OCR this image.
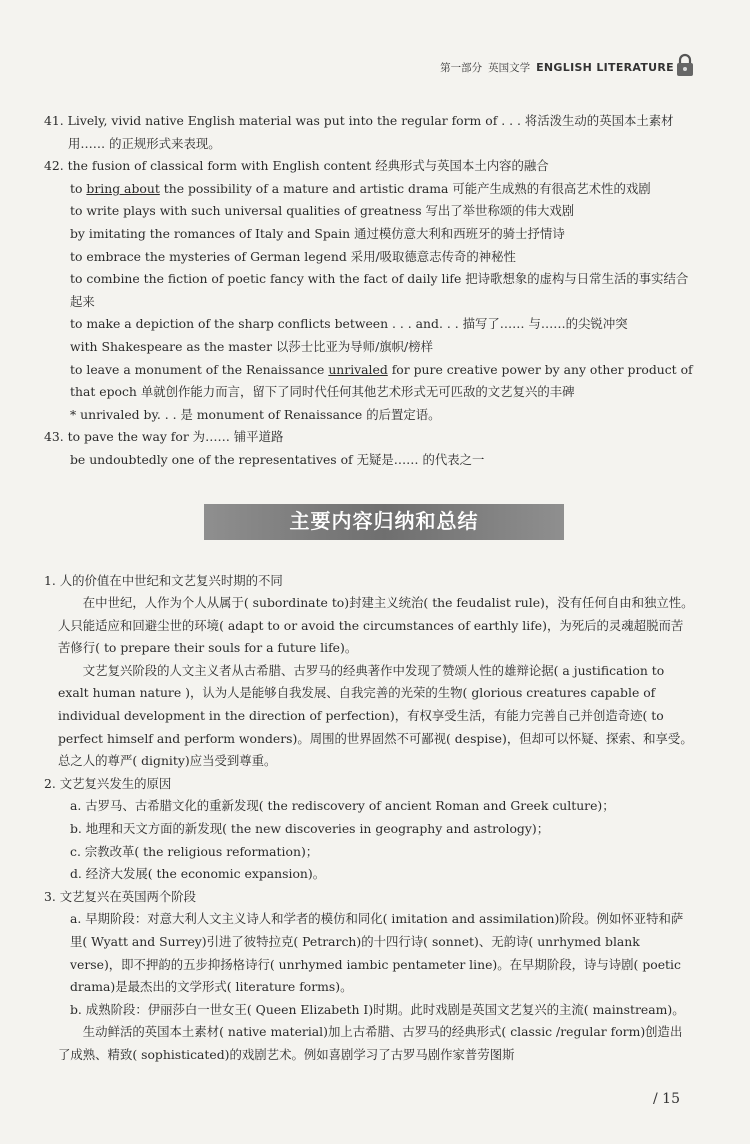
第一部分 英国文学 ENGLISH LITERATURE

41. Lively, vivid native English material was put into the regular form of . . . 将活泼生动的英国本土素材用…… 的正规形式来表现。

42. the fusion of classical form with English content 经典形式与英国本土内容的融合

to bring about the possibility of a mature and artistic drama 可能产生成熟的有很高艺术性的戏剧

to write plays with such universal qualities of greatness 写出了举世称颂的伟大戏剧

by imitating the romances of Italy and Spain 通过模仿意大利和西班牙的骑士抒情诗

to embrace the mysteries of German legend 采用/吸取德意志传奇的神秘性

to combine the fiction of poetic fancy with the fact of daily life 把诗歌想象的虚构与日常生活的事实结合起来

to make a depiction of the sharp conflicts between . . . and. . . 描写了…… 与……的尖锐冲突

with Shakespeare as the master 以莎士比亚为导师/旗帜/榜样

to leave a monument of the Renaissance unrivaled for pure creative power by any other product of that epoch 单就创作能力而言，留下了同时代任何其他艺术形式无可匹敌的文艺复兴的丰碑

* unrivaled by. . . 是 monument of Renaissance 的后置定语。

43. to pave the way for 为…… 铺平道路

be undoubtedly one of the representatives of 无疑是…… 的代表之一

主要内容归纳和总结

1. 人的价值在中世纪和文艺复兴时期的不同

在中世纪，人作为个人从属于( subordinate to)封建主义统治( the feudalist rule)，没有任何自由和独立性。人只能适应和回避尘世的环境( adapt to or avoid the circumstances of earthly life)，为死后的灵魂超脱而苦苦修行( to prepare their souls for a future life)。

文艺复兴阶段的人文主义者从古希腊、古罗马的经典著作中发现了赞颂人性的雄辩论据( a justification to exalt human nature )，认为人是能够自我发展、自我完善的光荣的生物( glorious creatures capable of individual development in the direction of perfection)，有权享受生活，有能力完善自己并创造奇迹( to perfect himself and perform wonders)。周围的世界固然不可鄙视( despise)，但却可以怀疑、探索、和享受。总之人的尊严( dignity)应当受到尊重。

2. 文艺复兴发生的原因

a. 古罗马、古希腊文化的重新发现( the rediscovery of ancient Roman and Greek culture)；

b. 地理和天文方面的新发现( the new discoveries in geography and astrology)；

c. 宗教改革( the religious reformation)；

d. 经济大发展( the economic expansion)。

3. 文艺复兴在英国两个阶段

a. 早期阶段：对意大利人文主义诗人和学者的模仿和同化( imitation and assimilation)阶段。例如怀亚特和萨里( Wyatt and Surrey)引进了彼特拉克( Petrarch)的十四行诗( sonnet)、无韵诗( unrhymed blank verse)，即不押韵的五步抑扬格诗行( unrhymed iambic pentameter line)。在早期阶段，诗与诗剧( poetic drama)是最杰出的文学形式( literature forms)。

b. 成熟阶段：伊丽莎白一世女王( Queen Elizabeth I)时期。此时戏剧是英国文艺复兴的主流( mainstream)。

生动鲜活的英国本土素材( native material)加上古希腊、古罗马的经典形式( classic /regular form)创造出了成熟、精致( sophisticated)的戏剧艺术。例如喜剧学习了古罗马剧作家普劳图斯

/ 15
